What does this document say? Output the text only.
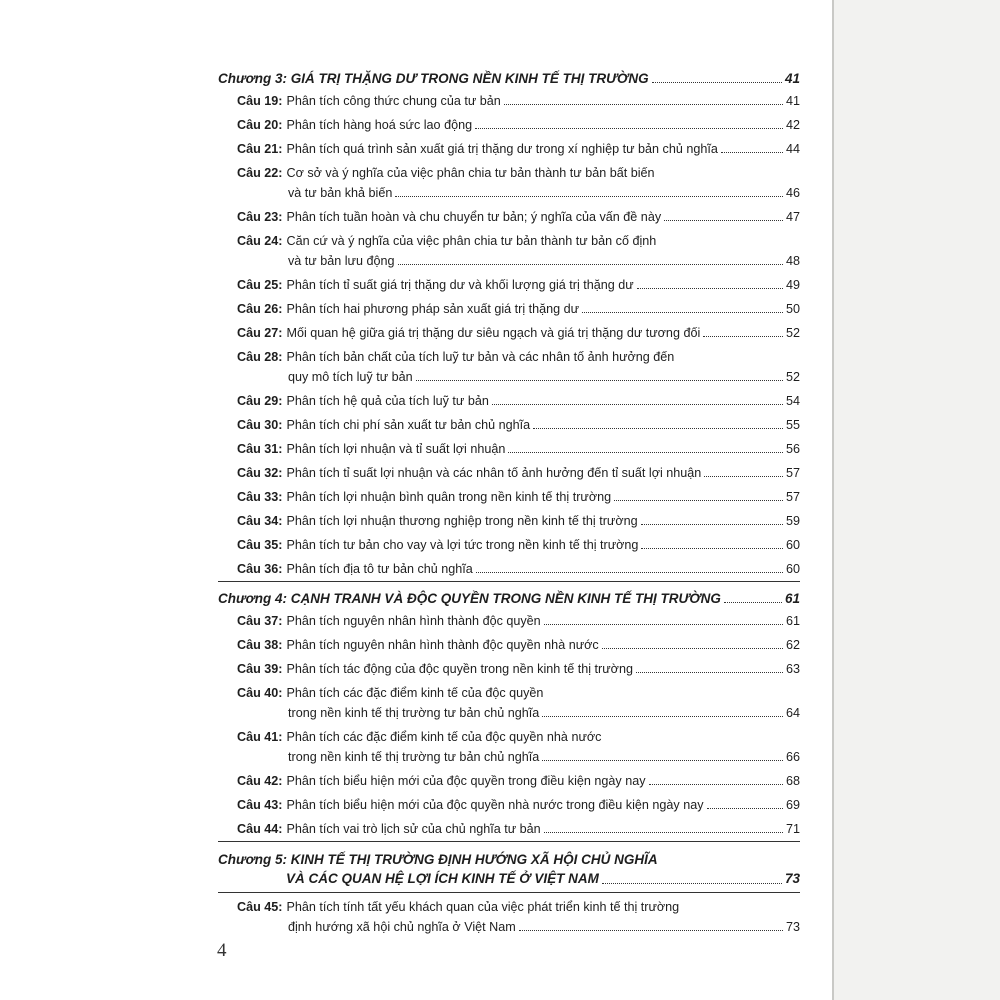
Chương 3: GIÁ TRỊ THẶNG DƯ TRONG NỀN KINH TẾ THỊ TRƯỜNG	41
Câu 19: Phân tích công thức chung của tư bản	41
Câu 20: Phân tích hàng hoá sức lao động	42
Câu 21: Phân tích quá trình sản xuất giá trị thặng dư trong xí nghiệp tư bản chủ nghĩa	44
Câu 22: Cơ sở và ý nghĩa của việc phân chia tư bản thành tư bản bất biến
và tư bản khả biến	46
Câu 23: Phân tích tuần hoàn và chu chuyển tư bản; ý nghĩa của vấn đề này	47
Câu 24: Căn cứ và ý nghĩa của việc phân chia tư bản thành tư bản cố định
và tư bản lưu động	48
Câu 25: Phân tích tỉ suất giá trị thặng dư và khối lượng giá trị thặng dư	49
Câu 26: Phân tích hai phương pháp sản xuất giá trị thặng dư	50
Câu 27: Mối quan hệ giữa giá trị thặng dư siêu ngạch và giá trị thặng dư tương đối	52
Câu 28: Phân tích bản chất của tích luỹ tư bản và các nhân tố ảnh hưởng đến
quy mô tích luỹ tư bản	52
Câu 29: Phân tích hệ quả của tích luỹ tư bản	54
Câu 30: Phân tích chi phí sản xuất tư bản chủ nghĩa	55
Câu 31: Phân tích lợi nhuận và tỉ suất lợi nhuận	56
Câu 32: Phân tích tỉ suất lợi nhuận và các nhân tố ảnh hưởng đến tỉ suất lợi nhuận	57
Câu 33: Phân tích lợi nhuận bình quân trong nền kinh tế thị trường	57
Câu 34: Phân tích lợi nhuận thương nghiệp trong nền kinh tế thị trường	59
Câu 35: Phân tích tư bản cho vay và lợi tức trong nền kinh tế thị trường	60
Câu 36: Phân tích địa tô tư bản chủ nghĩa	60
Chương 4: CẠNH TRANH VÀ ĐỘC QUYỀN TRONG NỀN KINH TẾ THỊ TRƯỜNG	61
Câu 37: Phân tích nguyên nhân hình thành độc quyền	61
Câu 38: Phân tích nguyên nhân hình thành độc quyền nhà nước	62
Câu 39: Phân tích tác động của độc quyền trong nền kinh tế thị trường	63
Câu 40: Phân tích các đặc điểm kinh tế của độc quyền
trong nền kinh tế thị trường tư bản chủ nghĩa	64
Câu 41: Phân tích các đặc điểm kinh tế của độc quyền nhà nước
trong nền kinh tế thị trường tư bản chủ nghĩa	66
Câu 42: Phân tích biểu hiện mới của độc quyền trong điều kiện ngày nay	68
Câu 43: Phân tích biểu hiện mới của độc quyền nhà nước trong điều kiện ngày nay	69
Câu 44: Phân tích vai trò lịch sử của chủ nghĩa tư bản	71
Chương 5: KINH TẾ THỊ TRƯỜNG ĐỊNH HƯỚNG XÃ HỘI CHỦ NGHĨA
VÀ CÁC QUAN HỆ LỢI ÍCH KINH TẾ Ở VIỆT NAM	73
Câu 45: Phân tích tính tất yếu khách quan của việc phát triển kinh tế thị trường
định hướng xã hội chủ nghĩa ở Việt Nam	73
4
